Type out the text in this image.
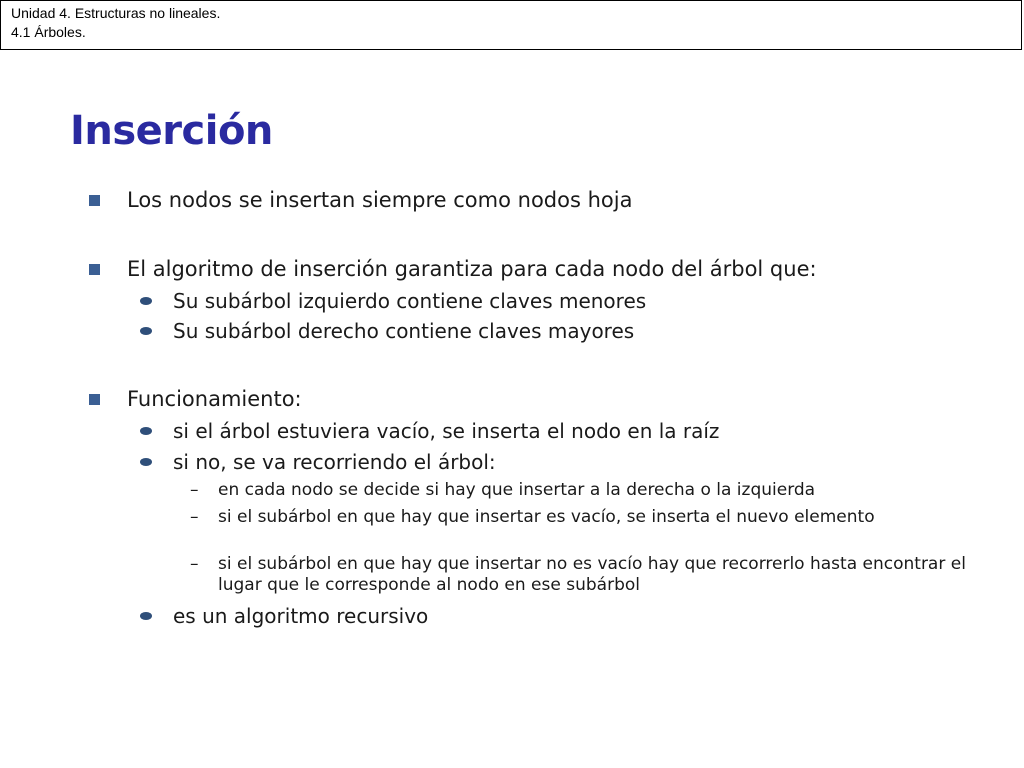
Unidad 4. Estructuras no lineales.
4.1 Árboles.
Inserción
Los nodos se insertan siempre como nodos hoja
El algoritmo de inserción garantiza para cada nodo del árbol que:
Su subárbol izquierdo contiene claves menores
Su subárbol derecho contiene claves mayores
Funcionamiento:
si el árbol estuviera vacío, se inserta el nodo en la raíz
si no, se va recorriendo el árbol:
– en cada nodo se decide si hay que insertar a la derecha o la izquierda
– si el subárbol en que hay que insertar es vacío, se inserta el nuevo elemento
– si el subárbol en que hay que insertar no es vacío hay que recorrerlo hasta encontrar el lugar que le corresponde al nodo en ese subárbol
es un algoritmo recursivo
